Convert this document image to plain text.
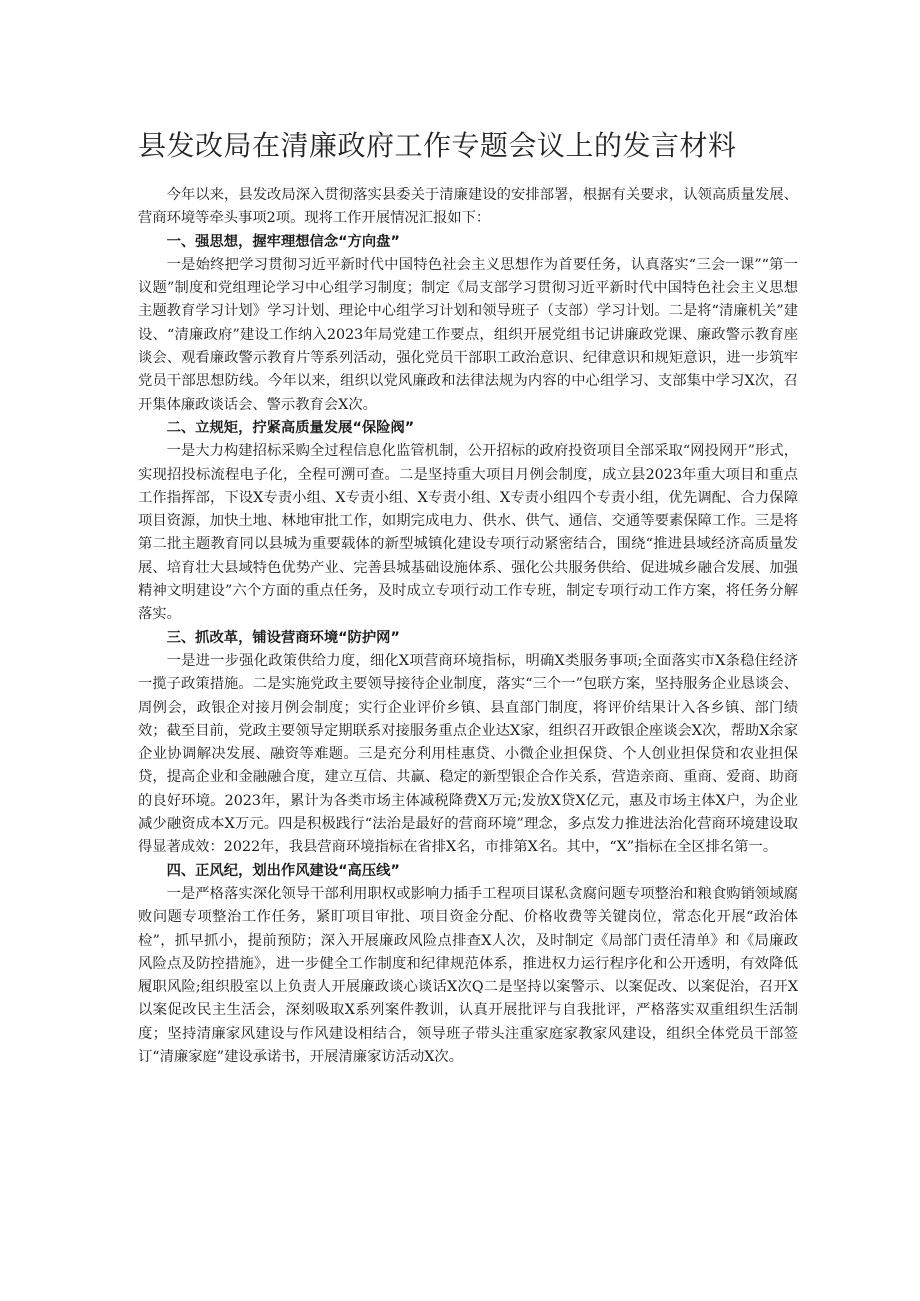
县发改局在清廉政府工作专题会议上的发言材料

今年以来，县发改局深入贯彻落实县委关于清廉建设的安排部署，根据有关要求，认领高质量发展、营商环境等牵头事项2项。现将工作开展情况汇报如下：

一、强思想，握牢理想信念“方向盘”

一是始终把学习贯彻习近平新时代中国特色社会主义思想作为首要任务，认真落实“三会一课”“第一议题”制度和党组理论学习中心组学习制度；制定《局支部学习贯彻习近平新时代中国特色社会主义思想主题教育学习计划》学习计划、理论中心组学习计划和领导班子（支部）学习计划。二是将“清廉机关”建设、“清廉政府”建设工作纳入2023年局党建工作要点，组织开展党组书记讲廉政党课、廉政警示教育座谈会、观看廉政警示教育片等系列活动，强化党员干部职工政治意识、纪律意识和规矩意识，进一步筑牢党员干部思想防线。今年以来，组织以党风廉政和法律法规为内容的中心组学习、支部集中学习X次，召开集体廉政谈话会、警示教育会X次。

二、立规矩，拧紧高质量发展“保险阀”

一是大力构建招标采购全过程信息化监管机制，公开招标的政府投资项目全部采取“网投网开”形式，实现招投标流程电子化，全程可溯可查。二是坚持重大项目月例会制度，成立县2023年重大项目和重点工作指挥部，下设X专责小组、X专责小组、X专责小组、X专责小组四个专责小组，优先调配、合力保障项目资源，加快土地、林地审批工作，如期完成电力、供水、供气、通信、交通等要素保障工作。三是将第二批主题教育同以县城为重要载体的新型城镇化建设专项行动紧密结合，围绕“推进县域经济高质量发展、培育壮大县域特色优势产业、完善县城基础设施体系、强化公共服务供给、促进城乡融合发展、加强精神文明建设”六个方面的重点任务，及时成立专项行动工作专班，制定专项行动工作方案，将任务分解落实。

三、抓改革，铺设营商环境“防护网”

一是进一步强化政策供给力度，细化X项营商环境指标，明确X类服务事项;全面落实市X条稳住经济一揽子政策措施。二是实施党政主要领导接待企业制度，落实“三个一”包联方案，坚持服务企业恳谈会、周例会，政银企对接月例会制度；实行企业评价乡镇、县直部门制度，将评价结果计入各乡镇、部门绩效；截至目前，党政主要领导定期联系对接服务重点企业达X家，组织召开政银企座谈会X次，帮助X余家企业协调解决发展、融资等难题。三是充分利用桂惠贷、小微企业担保贷、个人创业担保贷和农业担保贷，提高企业和金融融合度，建立互信、共赢、稳定的新型银企合作关系，营造亲商、重商、爱商、助商的良好环境。2023年，累计为各类市场主体减税降费X万元;发放X贷X亿元，惠及市场主体X户，为企业减少融资成本X万元。四是积极践行“法治是最好的营商环境”理念，多点发力推进法治化营商环境建设取得显著成效：2022年，我县营商环境指标在省排X名，市排第X名。其中，“X”指标在全区排名第一。

四、正风纪，划出作风建设“高压线”

一是严格落实深化领导干部利用职权或影响力插手工程项目谋私贪腐问题专项整治和粮食购销领域腐败问题专项整治工作任务，紧盯项目审批、项目资金分配、价格收费等关键岗位，常态化开展“政治体检”，抓早抓小，提前预防；深入开展廉政风险点排查X人次，及时制定《局部门责任清单》和《局廉政风险点及防控措施》，进一步健全工作制度和纪律规范体系，推进权力运行程序化和公开透明，有效降低履职风险;组织股室以上负责人开展廉政谈心谈话X次Q二是坚持以案警示、以案促改、以案促治，召开X以案促改民主生活会，深刻吸取X系列案件教训，认真开展批评与自我批评，严格落实双重组织生活制度；坚持清廉家风建设与作风建设相结合，领导班子带头注重家庭家教家风建设，组织全体党员干部签订“清廉家庭”建设承诺书，开展清廉家访活动X次。
